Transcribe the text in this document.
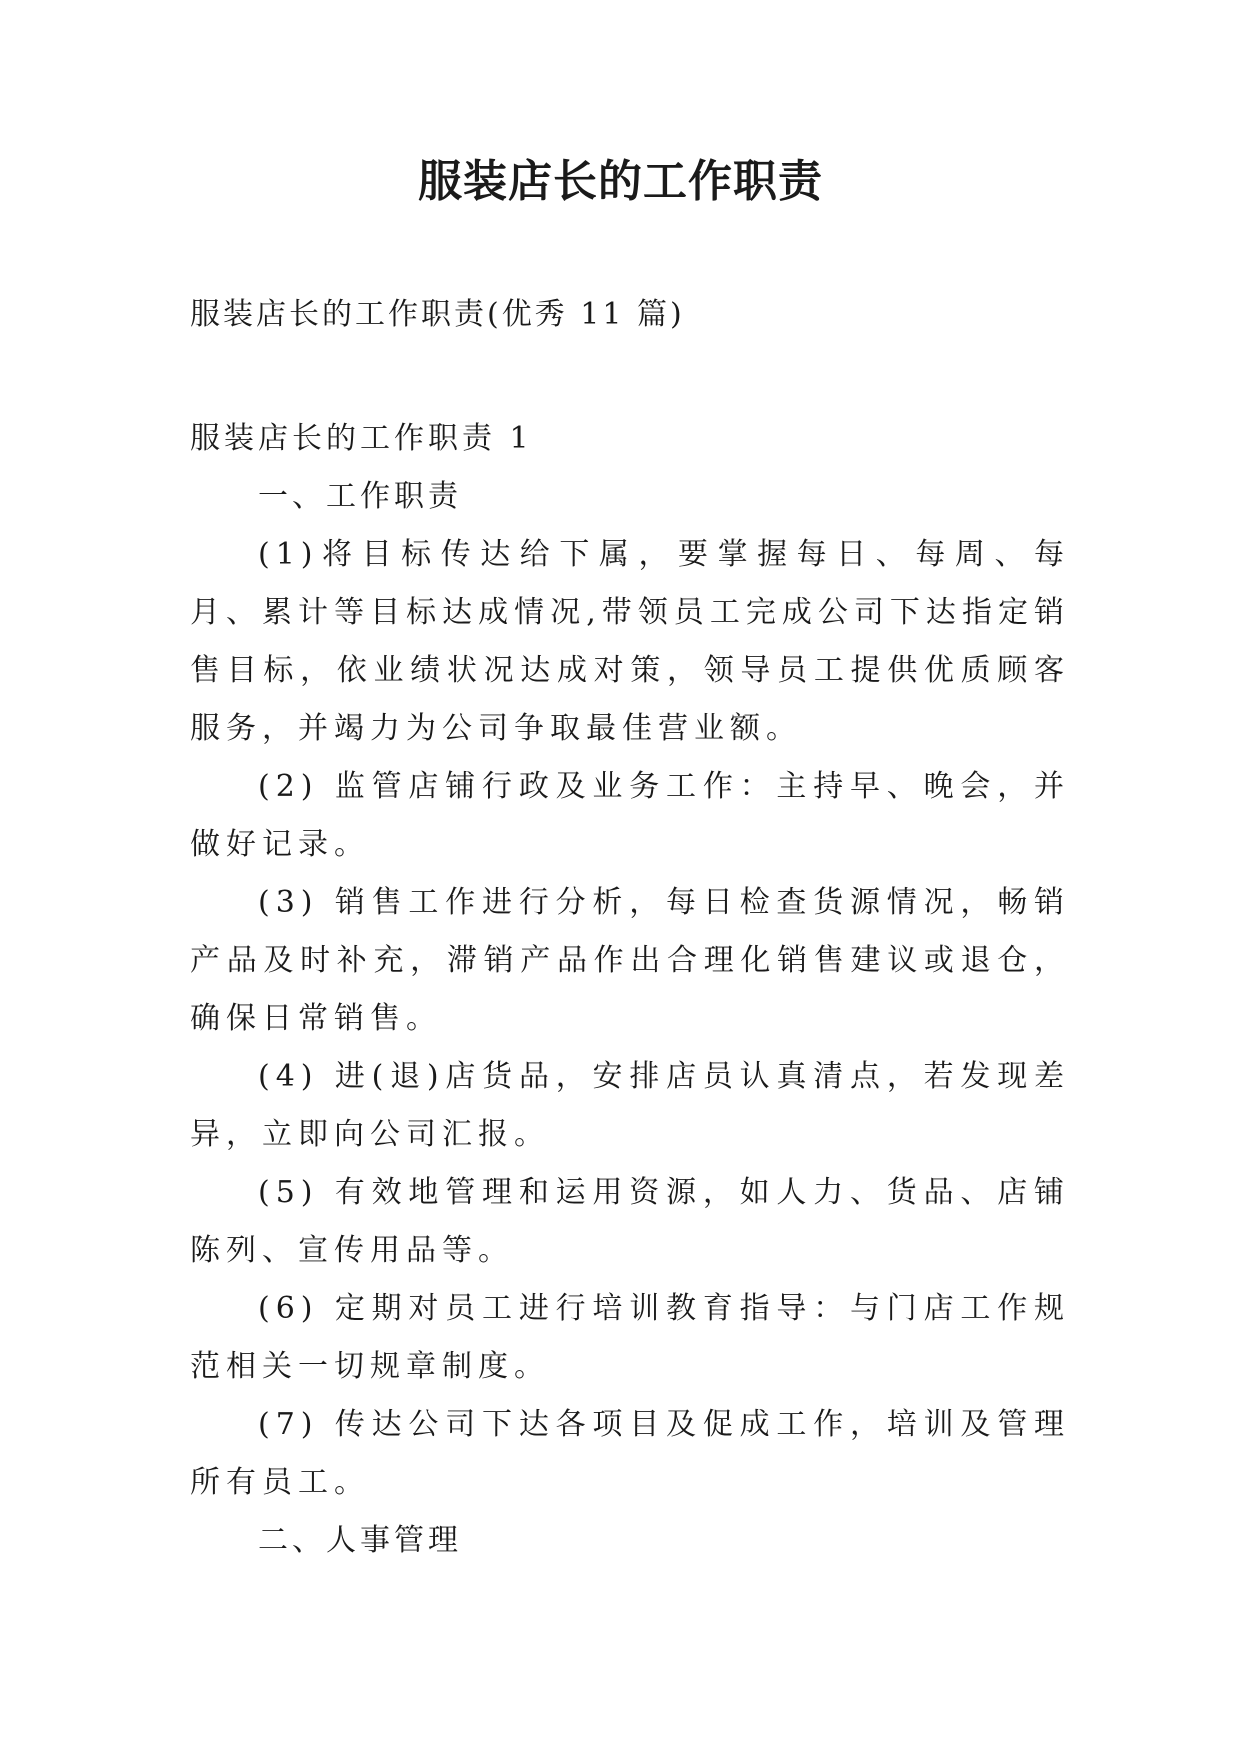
服装店长的工作职责

服装店长的工作职责(优秀 11 篇)

服装店长的工作职责 1

一、工作职责

(1)将目标传达给下属，要掌握每日、每周、每月、累计等目标达成情况,带领员工完成公司下达指定销售目标，依业绩状况达成对策，领导员工提供优质顾客服务，并竭力为公司争取最佳营业额。

(2) 监管店铺行政及业务工作：主持早、晚会，并做好记录。

(3) 销售工作进行分析，每日检查货源情况，畅销产品及时补充，滞销产品作出合理化销售建议或退仓，确保日常销售。

(4) 进(退)店货品，安排店员认真清点，若发现差异，立即向公司汇报。

(5) 有效地管理和运用资源，如人力、货品、店铺陈列、宣传用品等。

(6) 定期对员工进行培训教育指导：与门店工作规范相关一切规章制度。

(7) 传达公司下达各项目及促成工作，培训及管理所有员工。

二、人事管理
